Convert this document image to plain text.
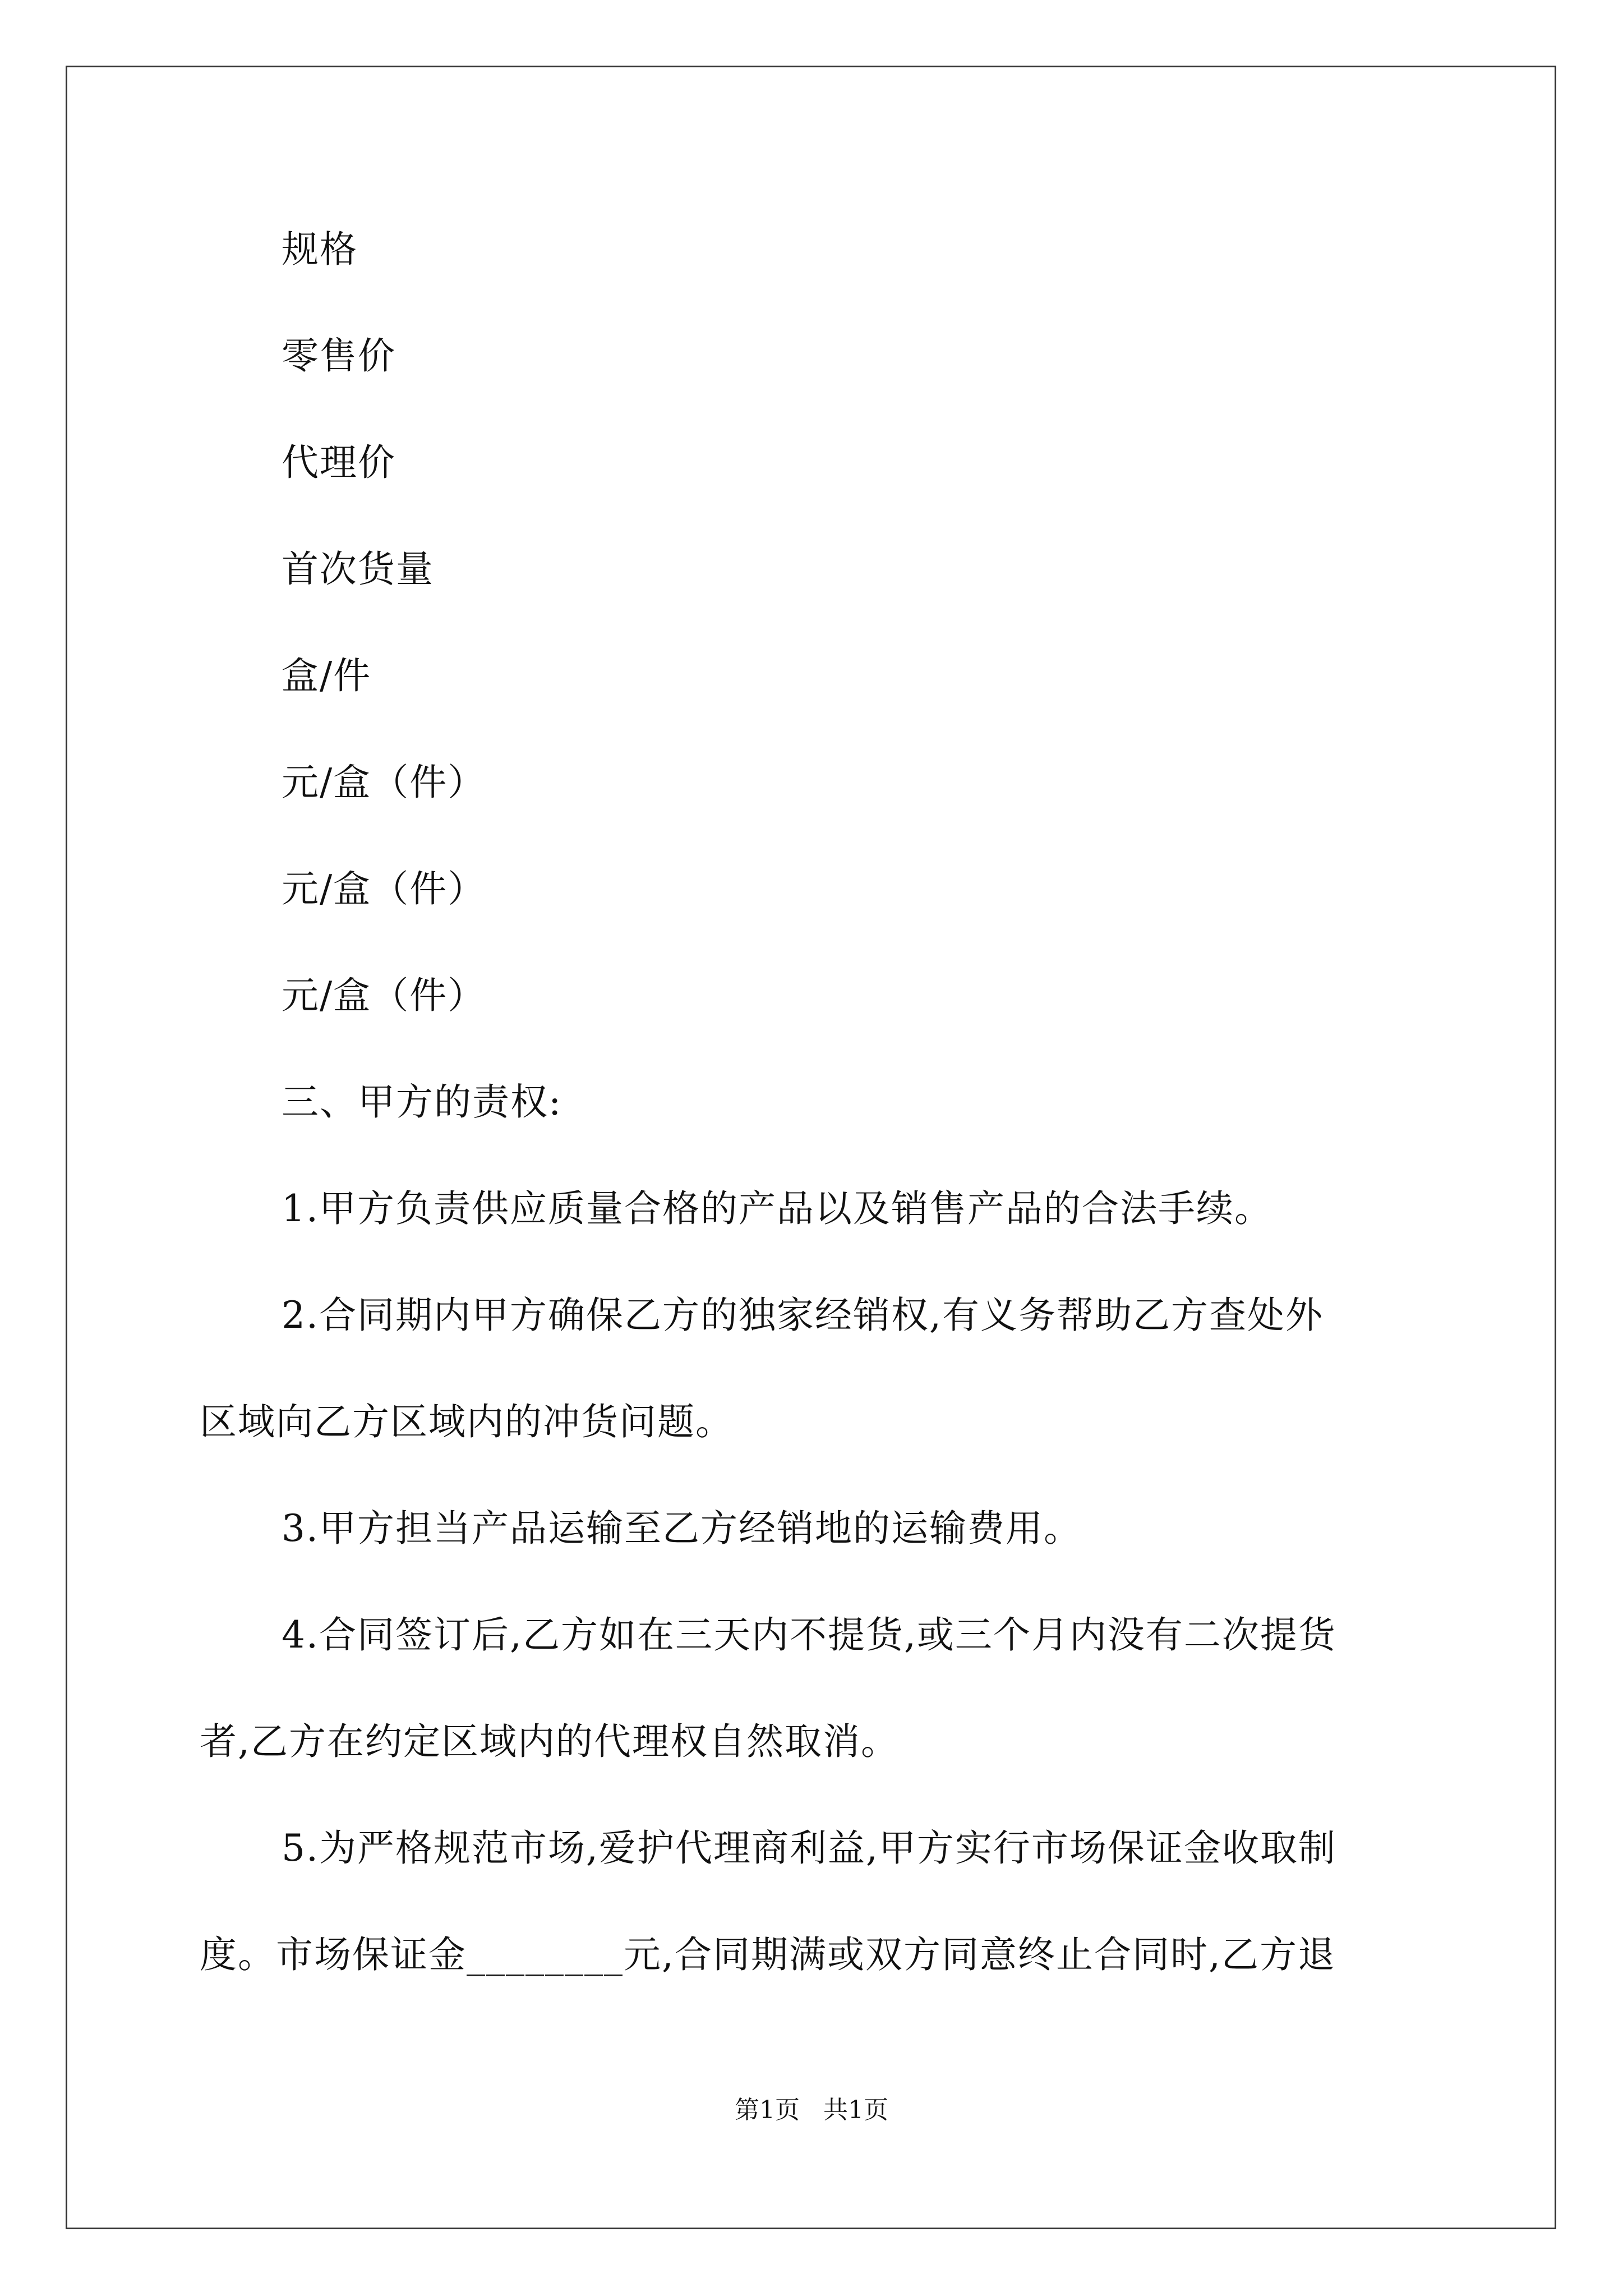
规格
零售价
代理价
首次货量
盒/件
元/盒（件）
元/盒（件）
元/盒（件）
三、甲方的责权:
1.甲方负责供应质量合格的产品以及销售产品的合法手续。
2.合同期内甲方确保乙方的独家经销权,有义务帮助乙方查处外
区域向乙方区域内的冲货问题。
3.甲方担当产品运输至乙方经销地的运输费用。
4.合同签订后,乙方如在三天内不提货,或三个月内没有二次提货
者,乙方在约定区域内的代理权自然取消。
5.为严格规范市场,爱护代理商利益,甲方实行市场保证金收取制
度。市场保证金________元,合同期满或双方同意终止合同时,乙方退
第1页 共1页
